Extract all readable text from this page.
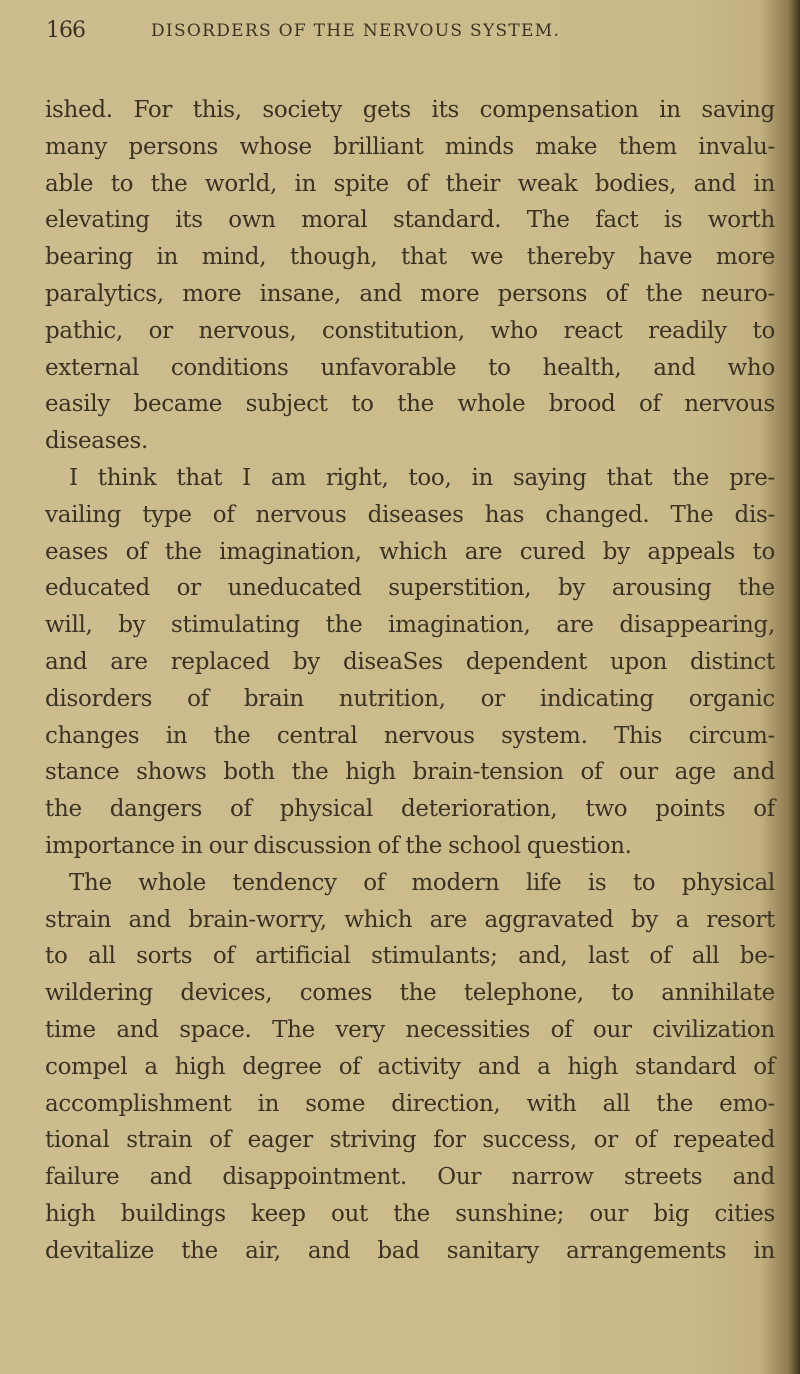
166	DISORDERS OF THE NERVOUS SYSTEM.
ished. For this, society gets its compensation in saving
many persons whose brilliant minds make them invalu-
able to the world, in spite of their weak bodies, and in
elevating its own moral standard. The fact is worth
bearing in mind, though, that we thereby have more
paralytics, more insane, and more persons of the neuro-
pathic, or nervous, constitution, who react readily to
external conditions unfavorable to health, and who
easily became subject to the whole brood of nervous
diseases.
I think that I am right, too, in saying that the pre-
vailing type of nervous diseases has changed. The dis-
eases of the imagination, which are cured by appeals to
educated or uneducated superstition, by arousing the
will, by stimulating the imagination, are disappearing,
and are replaced by diseaSes dependent upon distinct
disorders of brain nutrition, or indicating organic
changes in the central nervous system. This circum-
stance shows both the high brain-tension of our age and
the dangers of physical deterioration, two points of
importance in our discussion of the school question.
The whole tendency of modern life is to physical
strain and brain-worry, which are aggravated by a resort
to all sorts of artificial stimulants; and, last of all be-
wildering devices, comes the telephone, to annihilate
time and space. The very necessities of our civilization
compel a high degree of activity and a high standard of
accomplishment in some direction, with all the emo-
tional strain of eager striving for success, or of repeated
failure and disappointment. Our narrow streets and
high buildings keep out the sunshine; our big cities
devitalize the air, and bad sanitary arrangements in
